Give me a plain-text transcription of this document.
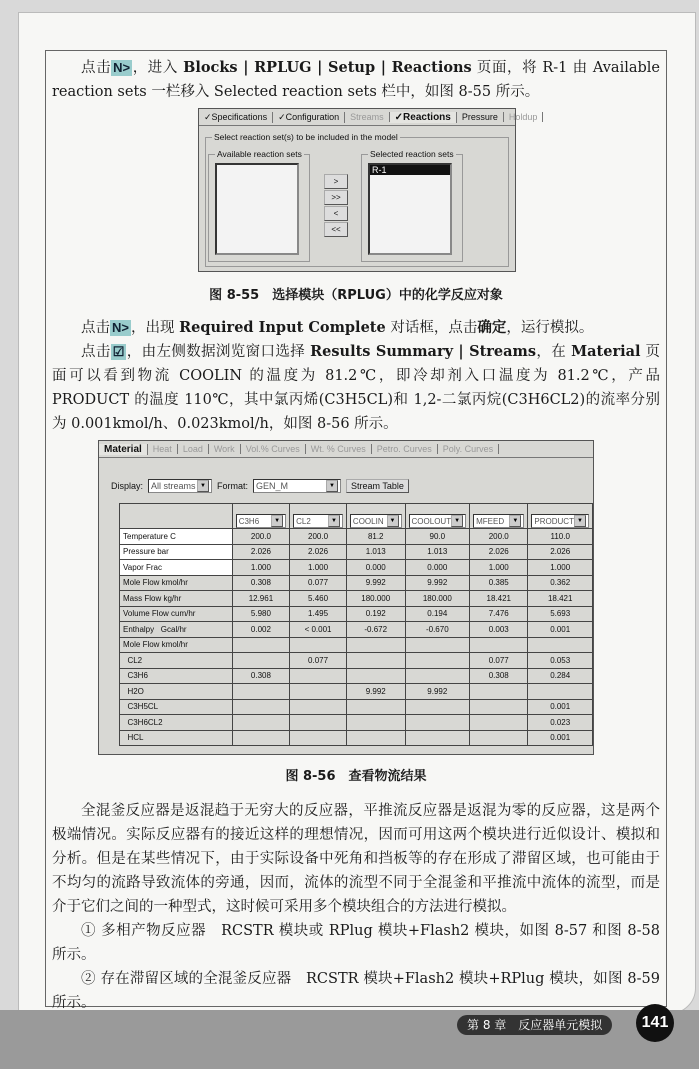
点击 N> ，进入 Blocks | RPLUG | Setup | Reactions 页面，将 R-1 由 Available reaction sets 一栏移入 Selected reaction sets 栏中，如图 8-55 所示。
✓Specifications	✓Configuration	Streams	✓Reactions	Pressure	Holdup
Select reaction set(s) to be included in the model
Available reaction sets
>
>>
<
<<
Selected reaction sets
R-1
图 8-55　选择模块（RPLUG）中的化学反应对象
点击 N> ，出现 Required Input Complete 对话框，点击确定，运行模拟。
点击 ☑ ，由左侧数据浏览窗口选择 Results Summary | Streams，在 Material 页面可以看到物流 COOLIN 的温度为 81.2℃，即冷却剂入口温度为 81.2℃，产品 PRODUCT 的温度 110℃，其中氯丙烯(C3H5CL)和 1,2-二氯丙烷(C3H6CL2)的流率分别为 0.001kmol/h、0.023kmol/h，如图 8-56 所示。
Material	Heat	Load	Work	Vol.% Curves	Wt. % Curves	Petro. Curves	Poly. Curves
Display: All streams ▼	Format: GEN_M	▼	Stream Table

	C3H6 ▼	CL2 ▼	COOLIN ▼	COOLOUT ▼	MFEED ▼	PRODUCT ▼

Temperature C	200.0	200.0	81.2	90.0	200.0	110.0
Pressure bar	2.026	2.026	1.013	1.013	2.026	2.026
Vapor Frac	1.000	1.000	0.000	0.000	1.000	1.000
Mole Flow kmol/hr	0.308	0.077	9.992	9.992	0.385	0.362
Mass Flow kg/hr	12.961	5.460	180.000	180.000	18.421	18.421
Volume Flow cum/hr	5.980	1.495	0.192	0.194	7.476	5.693
Enthalpy   Gcal/hr	0.002	< 0.001	-0.672	-0.670	0.003	0.001
Mole Flow kmol/hr						
CL2		0.077			0.077	0.053
C3H6	0.308				0.308	0.284
H2O			9.992	9.992		
C3H5CL						0.001
C3H6CL2						0.023
HCL						0.001
图 8-56　查看物流结果
全混釜反应器是返混趋于无穷大的反应器，平推流反应器是返混为零的反应器，这是两个极端情况。实际反应器有的接近这样的理想情况，因而可用这两个模块进行近似设计、模拟和分析。但是在某些情况下，由于实际设备中死角和挡板等的存在形成了滞留区域，也可能由于不均匀的流路导致流体的旁通，因而，流体的流型不同于全混釜和平推流中流体的流型，而是介于它们之间的一种型式，这时候可采用多个模块组合的方法进行模拟。
① 多相产物反应器　RCSTR 模块或 RPlug 模块+Flash2 模块，如图 8-57 和图 8-58 所示。
② 存在滞留区域的全混釜反应器　RCSTR 模块+Flash2 模块+RPlug 模块，如图 8-59 所示。
第 8 章　反应器单元模拟	141
